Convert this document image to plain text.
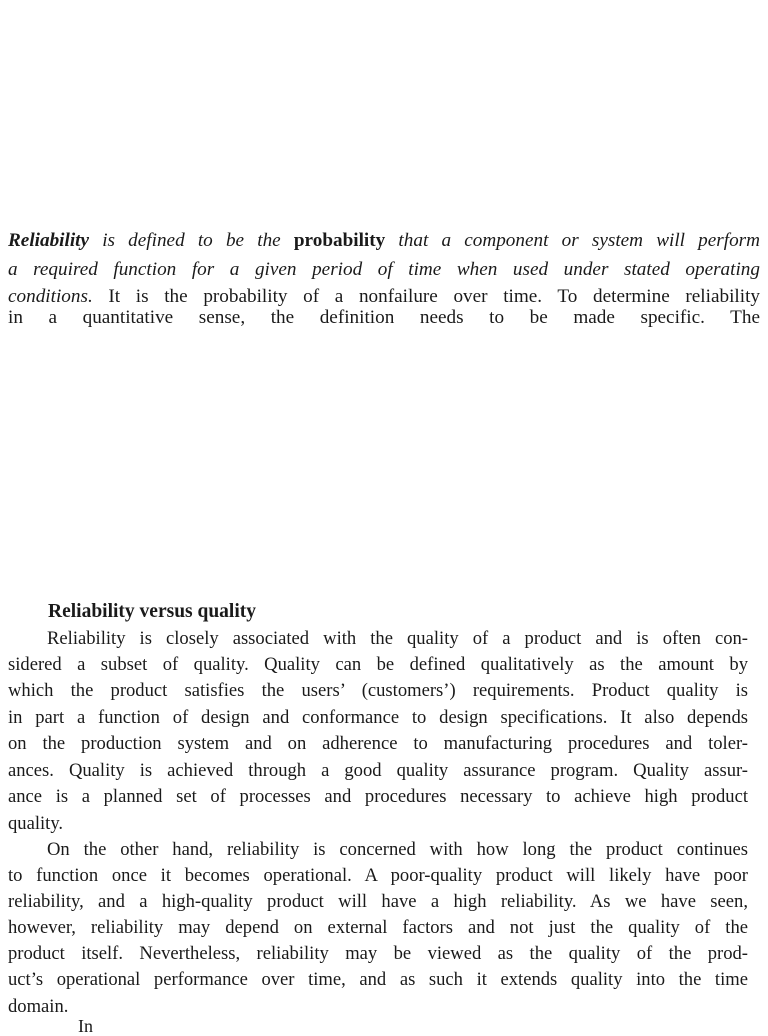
Reliability is defined to be the probability that a component or system will perform
a required function for a given period of time when used under stated operating
conditions. It is the probability of a nonfailure over time. To determine reliability
in a quantitative sense, the definition needs to be made specific. The
Reliability versus quality
Reliability is closely associated with the quality of a product and is often con-
sidered a subset of quality. Quality can be defined qualitatively as the amount by
which the product satisfies the users’ (customers’) requirements. Product quality is
in part a function of design and conformance to design specifications. It also depends
on the production system and on adherence to manufacturing procedures and toler-
ances. Quality is achieved through a good quality assurance program. Quality assur-
ance is a planned set of processes and procedures necessary to achieve high product
quality.
On the other hand, reliability is concerned with how long the product continues
to function once it becomes operational. A poor-quality product will likely have poor
reliability, and a high-quality product will have a high reliability. As we have seen,
however, reliability may depend on external factors and not just the quality of the
product itself. Nevertheless, reliability may be viewed as the quality of the prod-
uct’s operational performance over time, and as such it extends quality into the time
domain.
In
